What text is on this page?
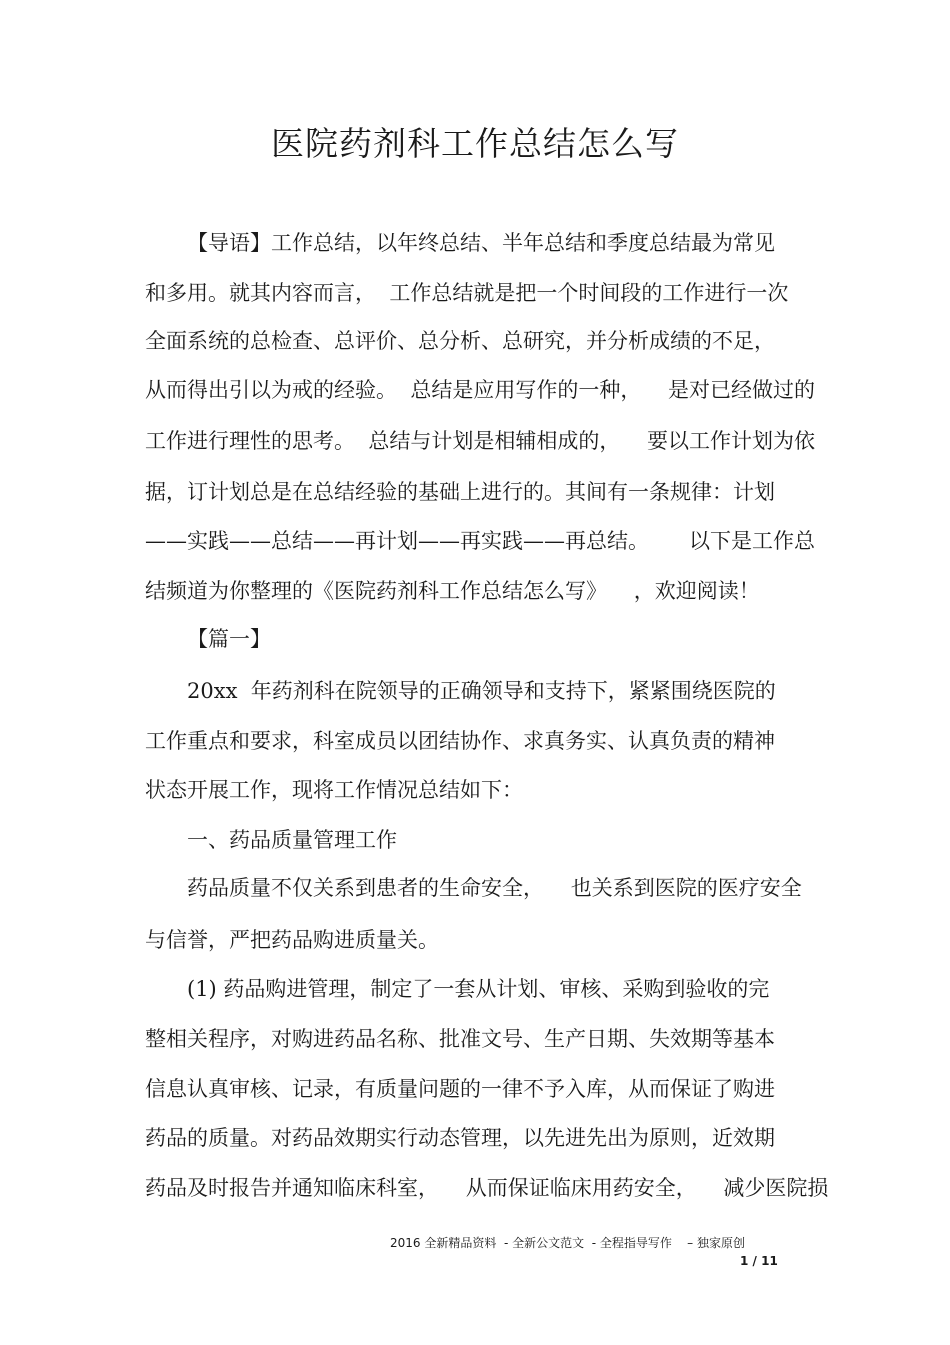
医院药剂科工作总结怎么写
【导语】工作总结，以年终总结、半年总结和季度总结最为常见
和多用。就其内容而言，  工作总结就是把一个时间段的工作进行一次
全面系统的总检查、总评价、总分析、总研究，并分析成绩的不足，
从而得出引以为戒的经验。  总结是应用写作的一种，    是对已经做过的
工作进行理性的思考。  总结与计划是相辅相成的，    要以工作计划为依
据，订计划总是在总结经验的基础上进行的。其间有一条规律：计划
——实践——总结——再计划——再实践——再总结。      以下是工作总
结频道为你整理的《医院药剂科工作总结怎么写》    ，欢迎阅读！
【篇一】
20xx  年药剂科在院领导的正确领导和支持下，紧紧围绕医院的
工作重点和要求，科室成员以团结协作、求真务实、认真负责的精神
状态开展工作，现将工作情况总结如下：
一、药品质量管理工作
药品质量不仅关系到患者的生命安全，    也关系到医院的医疗安全
与信誉，严把药品购进质量关。
(1) 药品购进管理，制定了一套从计划、审核、采购到验收的完
整相关程序，对购进药品名称、批准文号、生产日期、失效期等基本
信息认真审核、记录，有质量问题的一律不予入库，从而保证了购进
药品的质量。对药品效期实行动态管理，以先进先出为原则，近效期
药品及时报告并通知临床科室，    从而保证临床用药安全，    减少医院损
2016 全新精品资料  - 全新公文范文  - 全程指导写作    – 独家原创
1 / 11
